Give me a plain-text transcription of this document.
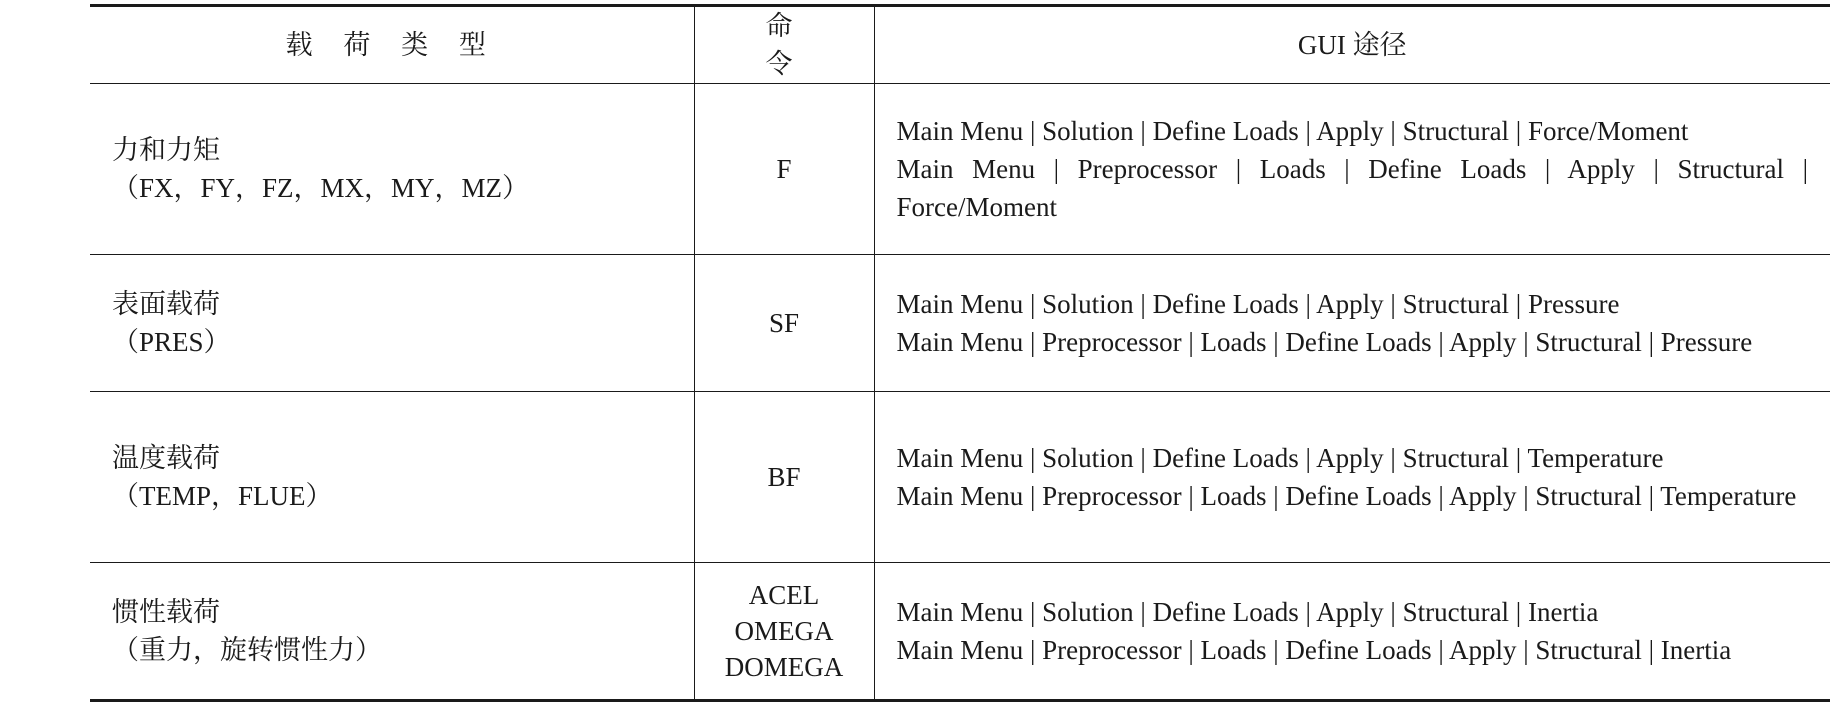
载 荷 类 型	命 令	GUI 途径

力和力矩
（FX，FY，FZ，MX，MY，MZ）	F	Main Menu | Solution | Define Loads | Apply | Structural | Force/Moment
Main Menu | Preprocessor | Loads | Define Loads | Apply | Structural | Force/Moment

表面载荷
（PRES）	SF	Main Menu | Solution | Define Loads | Apply | Structural | Pressure
Main Menu | Preprocessor | Loads | Define Loads | Apply | Structural | Pressure

温度载荷
（TEMP，FLUE）	BF	Main Menu | Solution | Define Loads | Apply | Structural | Temperature
Main Menu | Preprocessor | Loads | Define Loads | Apply | Structural | Temperature

惯性载荷
（重力，旋转惯性力）	ACEL
OMEGA
DOMEGA	Main Menu | Solution | Define Loads | Apply | Structural | Inertia
Main Menu | Preprocessor | Loads | Define Loads | Apply | Structural | Inertia
